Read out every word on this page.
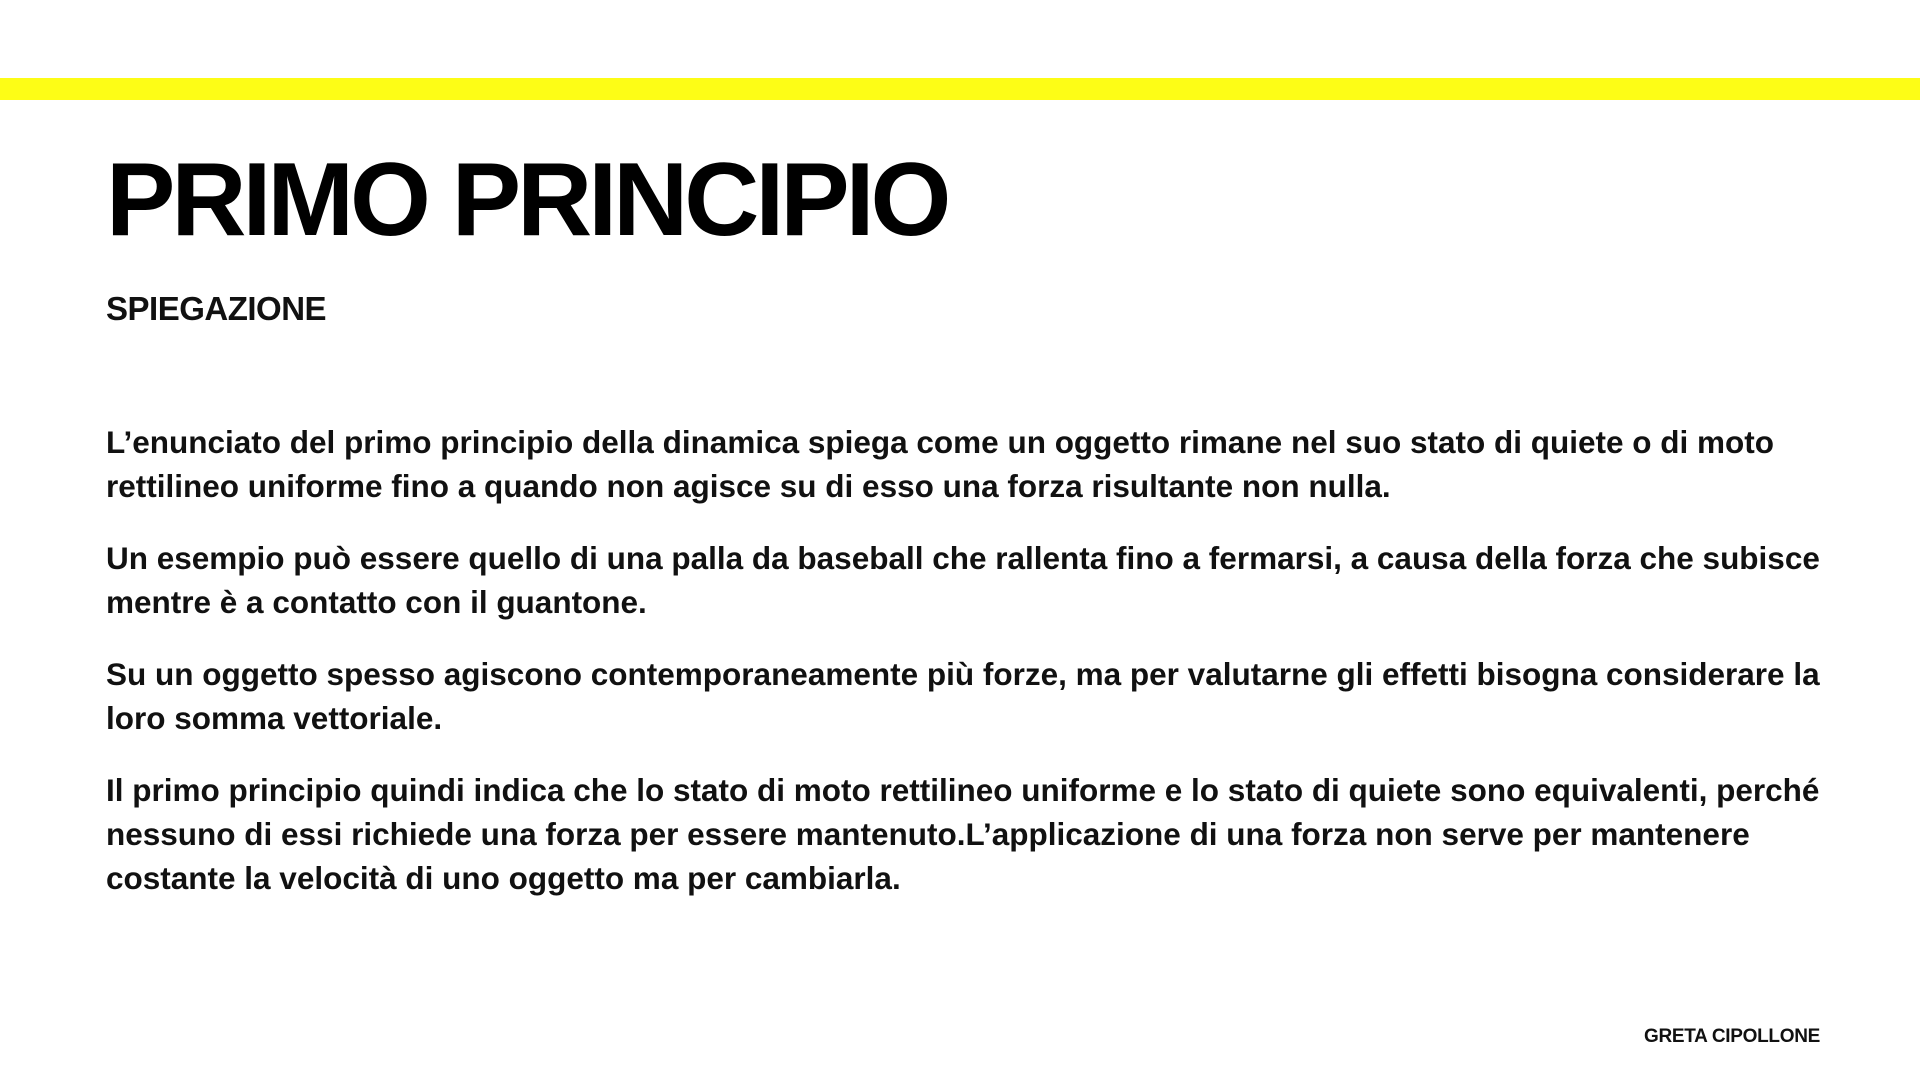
PRIMO PRINCIPIO
SPIEGAZIONE

L’enunciato del primo principio della dinamica spiega come un oggetto rimane nel suo stato di quiete o di moto rettilineo uniforme fino a quando non agisce su di esso una forza risultante non nulla.

Un esempio può essere quello di una palla da baseball che rallenta fino a fermarsi, a causa della forza che subisce mentre è a contatto con il guantone.

Su un oggetto spesso agiscono contemporaneamente più forze, ma per valutarne gli effetti bisogna considerare la loro somma vettoriale.

Il primo principio quindi indica che lo stato di moto rettilineo uniforme e lo stato di quiete sono equivalenti, perché nessuno di essi richiede una forza per essere mantenuto.L’applicazione di una forza non serve per mantenere costante la velocità di uno oggetto ma per cambiarla.

GRETA CIPOLLONE
